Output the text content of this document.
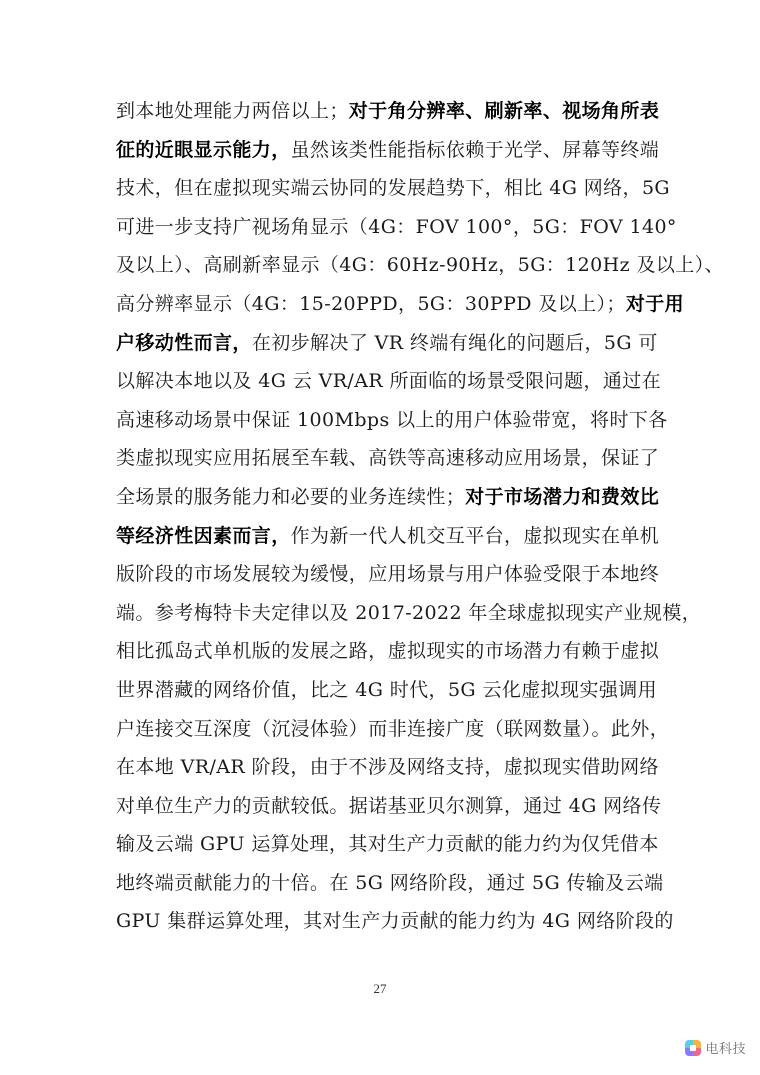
到本地处理能力两倍以上；对于角分辨率、刷新率、视场角所表
征的近眼显示能力，虽然该类性能指标依赖于光学、屏幕等终端
技术，但在虚拟现实端云协同的发展趋势下，相比 4G 网络，5G
可进一步支持广视场角显示（4G：FOV 100°，5G：FOV 140°
及以上）、高刷新率显示（4G：60Hz-90Hz，5G：120Hz 及以上）、
高分辨率显示（4G：15-20PPD，5G：30PPD 及以上）；对于用
户移动性而言，在初步解决了 VR 终端有绳化的问题后，5G 可
以解决本地以及 4G 云 VR/AR 所面临的场景受限问题，通过在
高速移动场景中保证 100Mbps 以上的用户体验带宽，将时下各
类虚拟现实应用拓展至车载、高铁等高速移动应用场景，保证了
全场景的服务能力和必要的业务连续性；对于市场潜力和费效比
等经济性因素而言，作为新一代人机交互平台，虚拟现实在单机
版阶段的市场发展较为缓慢，应用场景与用户体验受限于本地终
端。参考梅特卡夫定律以及 2017-2022 年全球虚拟现实产业规模，
相比孤岛式单机版的发展之路，虚拟现实的市场潜力有赖于虚拟
世界潜藏的网络价值，比之 4G 时代，5G 云化虚拟现实强调用
户连接交互深度（沉浸体验）而非连接广度（联网数量）。此外，
在本地 VR/AR 阶段，由于不涉及网络支持，虚拟现实借助网络
对单位生产力的贡献较低。据诺基亚贝尔测算，通过 4G 网络传
输及云端 GPU 运算处理，其对生产力贡献的能力约为仅凭借本
地终端贡献能力的十倍。在 5G 网络阶段，通过 5G 传输及云端
GPU 集群运算处理，其对生产力贡献的能力约为 4G 网络阶段的
27
电科技
